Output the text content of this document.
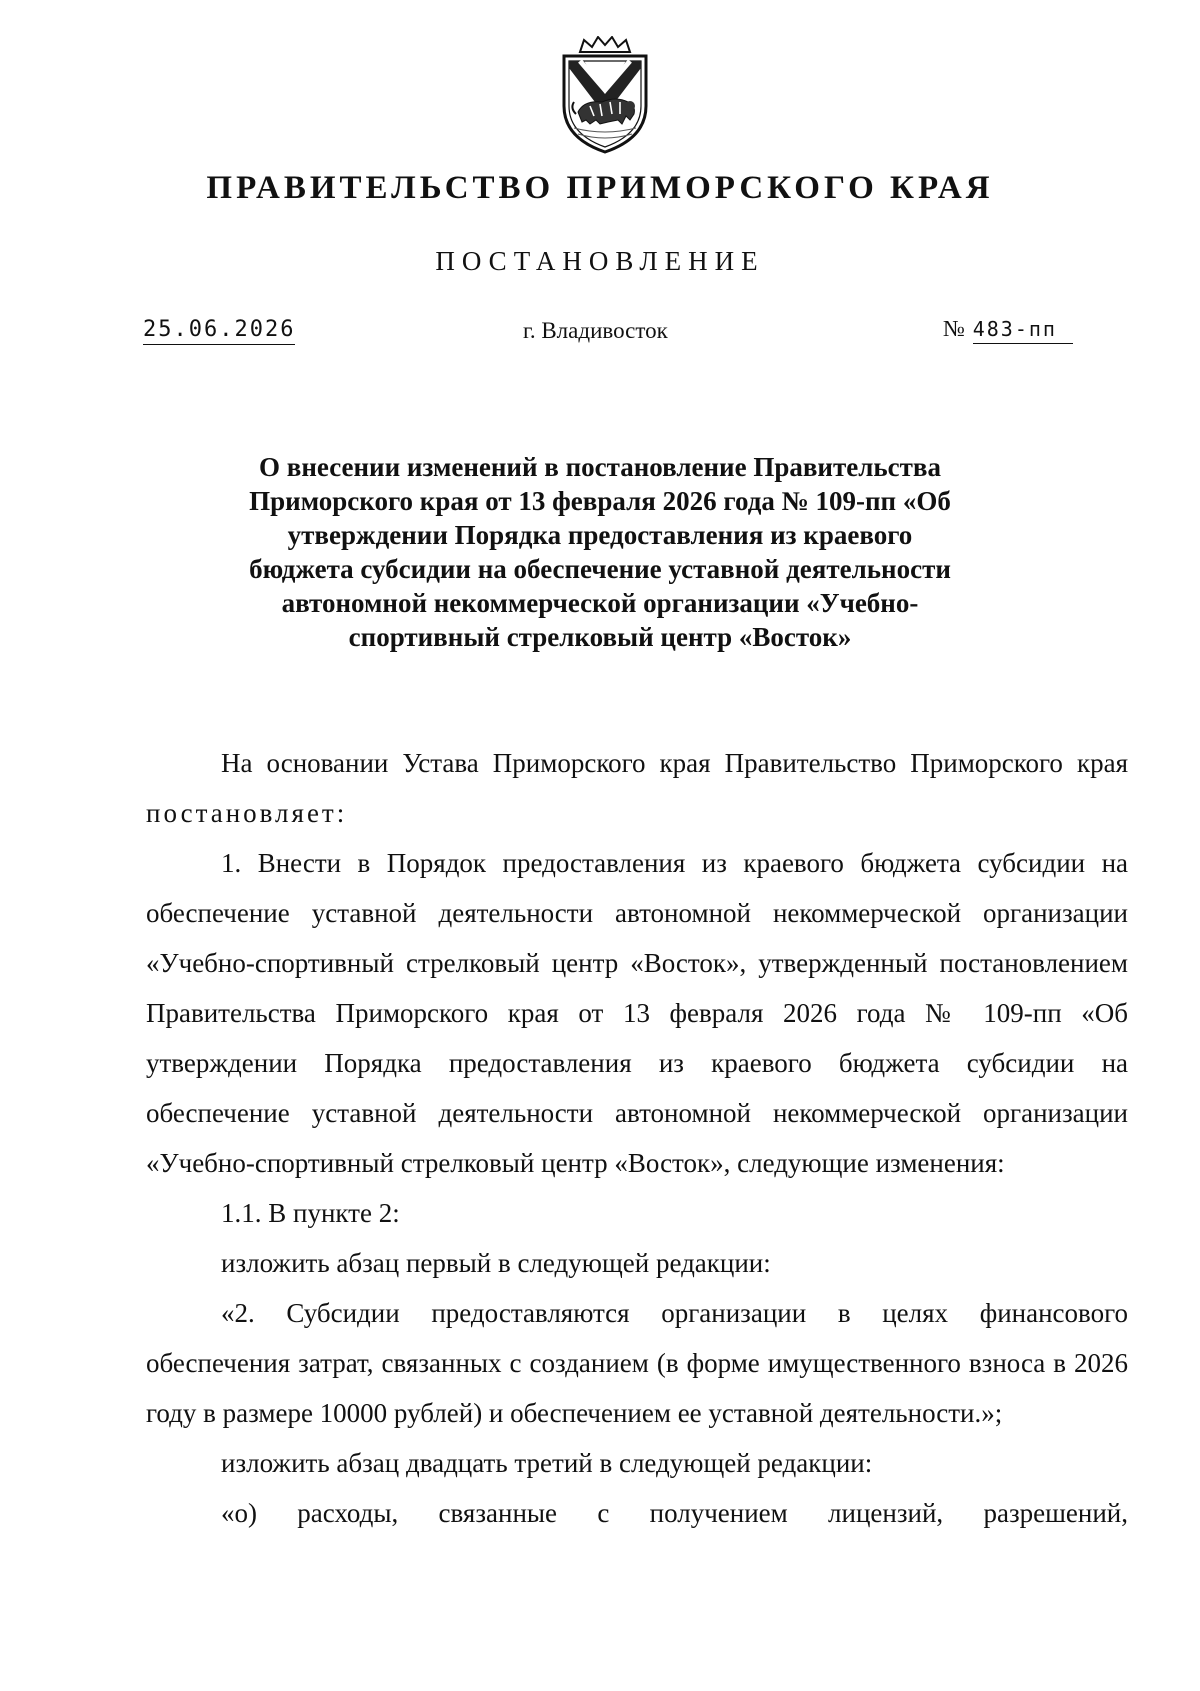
ПРАВИТЕЛЬСТВО ПРИМОРСКОГО КРАЯ
ПОСТАНОВЛЕНИЕ
25.06.2026	г. Владивосток	№ 483-пп
О внесении изменений в постановление Правительства
Приморского края от 13 февраля 2026 года № 109-пп «Об
утверждении Порядка предоставления из краевого
бюджета субсидии на обеспечение уставной деятельности
автономной некоммерческой организации «Учебно-
спортивный стрелковый центр «Восток»

На основании Устава Приморского края Правительство Приморского края постановляет:

1. Внести в Порядок предоставления из краевого бюджета субсидии на обеспечение уставной деятельности автономной некоммерческой организации «Учебно-спортивный стрелковый центр «Восток», утвержденный постановлением Правительства Приморского края от 13 февраля 2026 года № 109-пп «Об утверждении Порядка предоставления из краевого бюджета субсидии на обеспечение уставной деятельности автономной некоммерческой организации «Учебно-спортивный стрелковый центр «Восток», следующие изменения:

1.1. В пункте 2:

изложить абзац первый в следующей редакции:

«2. Субсидии предоставляются организации в целях финансового обеспечения затрат, связанных с созданием (в форме имущественного взноса в 2026 году в размере 10000 рублей) и обеспечением ее уставной деятельности.»;

изложить абзац двадцать третий в следующей редакции:

«о) расходы, связанные с получением лицензий, разрешений,
